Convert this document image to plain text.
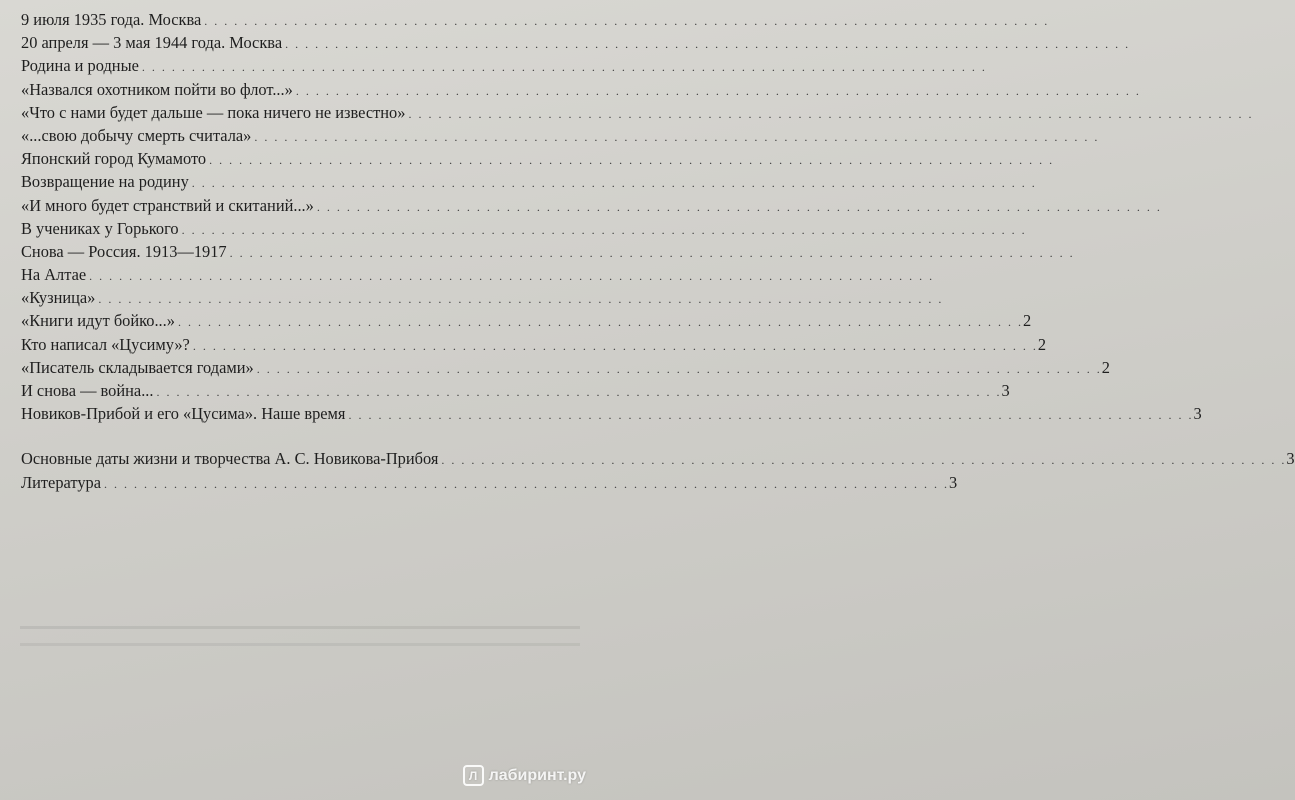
9 июля 1935 года. Москва . . . . . . . . . . . . . . . . . . . . . . . . . . . . . . . . . . . . . . . . . . . . . . . . . . . . . . . . . . . . . . . . . . . . . . . . . . . . . . . . . . . . .
20 апреля — 3 мая 1944 года. Москва . . . . . . . . . . . . . . . . . . . . . . . . . . . . . . . . . . . . . . . . . . . . . . . . . . . . . . . . . . . . . . . . . . . . . . . . . . . . . . . . . . . . .
Родина и родные . . . . . . . . . . . . . . . . . . . . . . . . . . . . . . . . . . . . . . . . . . . . . . . . . . . . . . . . . . . . . . . . . . . . . . . . . . . . . . . . . . . . .
«Назвался охотником пойти во флот...» . . . . . . . . . . . . . . . . . . . . . . . . . . . . . . . . . . . . . . . . . . . . . . . . . . . . . . . . . . . . . . . . . . . . . . . . . . . . . . . . . . . . .
«Что с нами будет дальше — пока ничего не известно» . . . . . . . . . . . . . . . . . . . . . . . . . . . . . . . . . . . . . . . . . . . . . . . . . . . . . . . . . . . . . . . . . . . . . . . . . . . . . . . . . . . . .
«...свою добычу смерть считала» . . . . . . . . . . . . . . . . . . . . . . . . . . . . . . . . . . . . . . . . . . . . . . . . . . . . . . . . . . . . . . . . . . . . . . . . . . . . . . . . . . . . .
Японский город Кумамото . . . . . . . . . . . . . . . . . . . . . . . . . . . . . . . . . . . . . . . . . . . . . . . . . . . . . . . . . . . . . . . . . . . . . . . . . . . . . . . . . . . . .
Возвращение на родину . . . . . . . . . . . . . . . . . . . . . . . . . . . . . . . . . . . . . . . . . . . . . . . . . . . . . . . . . . . . . . . . . . . . . . . . . . . . . . . . . . . . .
«И много будет странствий и скитаний...» . . . . . . . . . . . . . . . . . . . . . . . . . . . . . . . . . . . . . . . . . . . . . . . . . . . . . . . . . . . . . . . . . . . . . . . . . . . . . . . . . . . . .
В учениках у Горького . . . . . . . . . . . . . . . . . . . . . . . . . . . . . . . . . . . . . . . . . . . . . . . . . . . . . . . . . . . . . . . . . . . . . . . . . . . . . . . . . . . . .
Снова — Россия. 1913—1917 . . . . . . . . . . . . . . . . . . . . . . . . . . . . . . . . . . . . . . . . . . . . . . . . . . . . . . . . . . . . . . . . . . . . . . . . . . . . . . . . . . . . .
На Алтае . . . . . . . . . . . . . . . . . . . . . . . . . . . . . . . . . . . . . . . . . . . . . . . . . . . . . . . . . . . . . . . . . . . . . . . . . . . . . . . . . . . . .
«Кузница» . . . . . . . . . . . . . . . . . . . . . . . . . . . . . . . . . . . . . . . . . . . . . . . . . . . . . . . . . . . . . . . . . . . . . . . . . . . . . . . . . . . . .
«Книги идут бойко...» . . . . . . . . . . . . . . . . . . . . . . . . . . . . . . . . . . . . . . . . . . . . . . . . . . . . . . . . . . . . . . . . . . . . . . . . . . . . . . . . . . . . . 2
Кто написал «Цусиму»? . . . . . . . . . . . . . . . . . . . . . . . . . . . . . . . . . . . . . . . . . . . . . . . . . . . . . . . . . . . . . . . . . . . . . . . . . . . . . . . . . . . . . 2
«Писатель складывается годами» . . . . . . . . . . . . . . . . . . . . . . . . . . . . . . . . . . . . . . . . . . . . . . . . . . . . . . . . . . . . . . . . . . . . . . . . . . . . . . . . . . . . . 2
И снова — война... . . . . . . . . . . . . . . . . . . . . . . . . . . . . . . . . . . . . . . . . . . . . . . . . . . . . . . . . . . . . . . . . . . . . . . . . . . . . . . . . . . . . . 3
Новиков-Прибой и его «Цусима». Наше время . . . . . . . . . . . . . . . . . . . . . . . . . . . . . . . . . . . . . . . . . . . . . . . . . . . . . . . . . . . . . . . . . . . . . . . . . . . . . . . . . . . . . 3
Основные даты жизни и творчества А. С. Новикова-Прибоя . . . . . . . . . . . . . . . . . . . . . . . . . . . . . . . . . . . . . . . . . . . . . . . . . . . . . . . . . . . . . . . . . . . . . . . . . . . . . . . . . . . . . 3
Литература . . . . . . . . . . . . . . . . . . . . . . . . . . . . . . . . . . . . . . . . . . . . . . . . . . . . . . . . . . . . . . . . . . . . . . . . . . . . . . . . . . . . . 3
Л лабиринт.ру
